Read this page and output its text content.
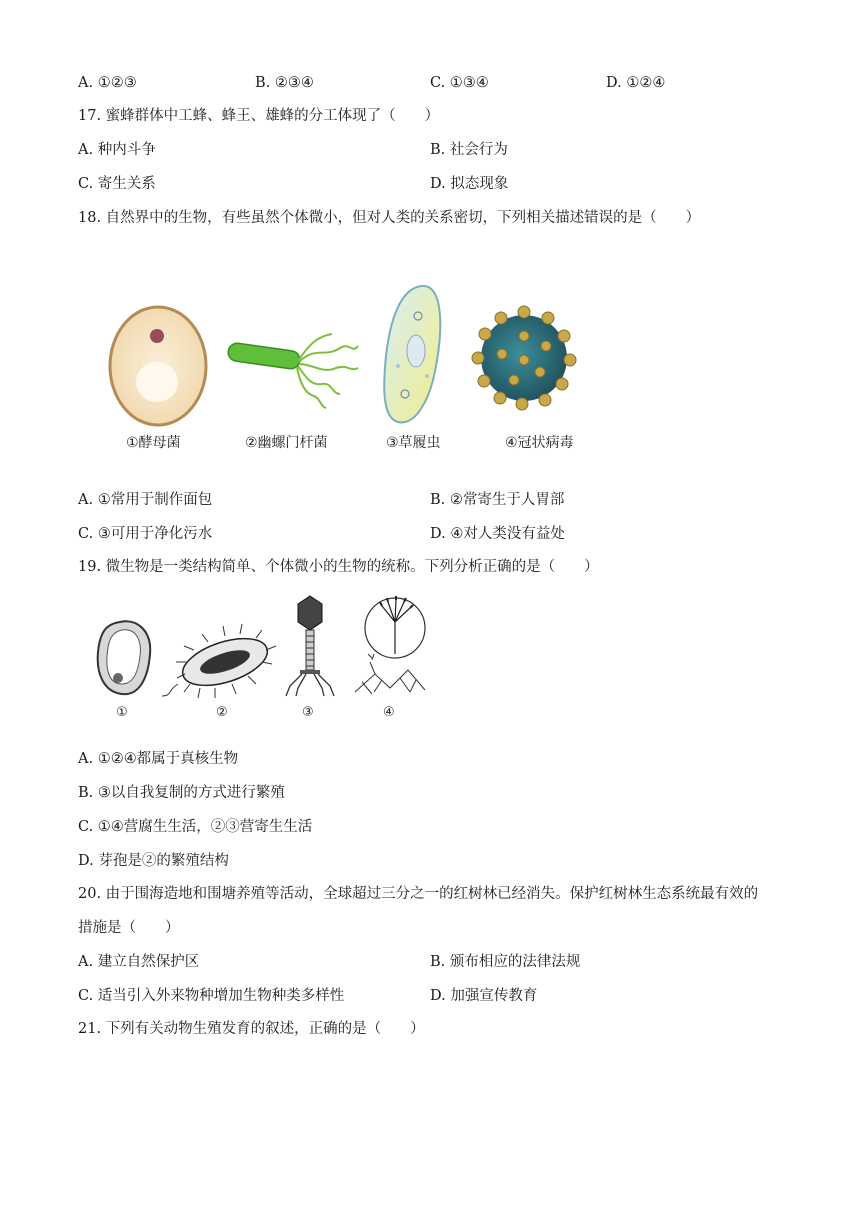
A. ①②③	B. ②③④	C. ①③④	D. ①②④
17. 蜜蜂群体中工蜂、蜂王、雄蜂的分工体现了（　　）
A. 种内斗争	B. 社会行为
C. 寄生关系	D. 拟态现象
18. 自然界中的生物，有些虽然个体微小，但对人类的关系密切，下列相关描述错误的是（　　）
①酵母菌	②幽螺门杆菌	③草履虫	④冠状病毒
A. ①常用于制作面包	B. ②常寄生于人胃部
C. ③可用于净化污水	D. ④对人类没有益处
19. 微生物是一类结构简单、个体微小的生物的统称。下列分析正确的是（　　）
①	②	③	④
A. ①②④都属于真核生物
B. ③以自我复制的方式进行繁殖
C. ①④营腐生生活，②③营寄生生活
D. 芽孢是②的繁殖结构
20. 由于围海造地和围塘养殖等活动，全球超过三分之一的红树林已经消失。保护红树林生态系统最有效的
措施是（　　）
A. 建立自然保护区	B. 颁布相应的法律法规
C. 适当引入外来物种增加生物种类多样性	D. 加强宣传教育
21. 下列有关动物生殖发育的叙述，正确的是（　　）
